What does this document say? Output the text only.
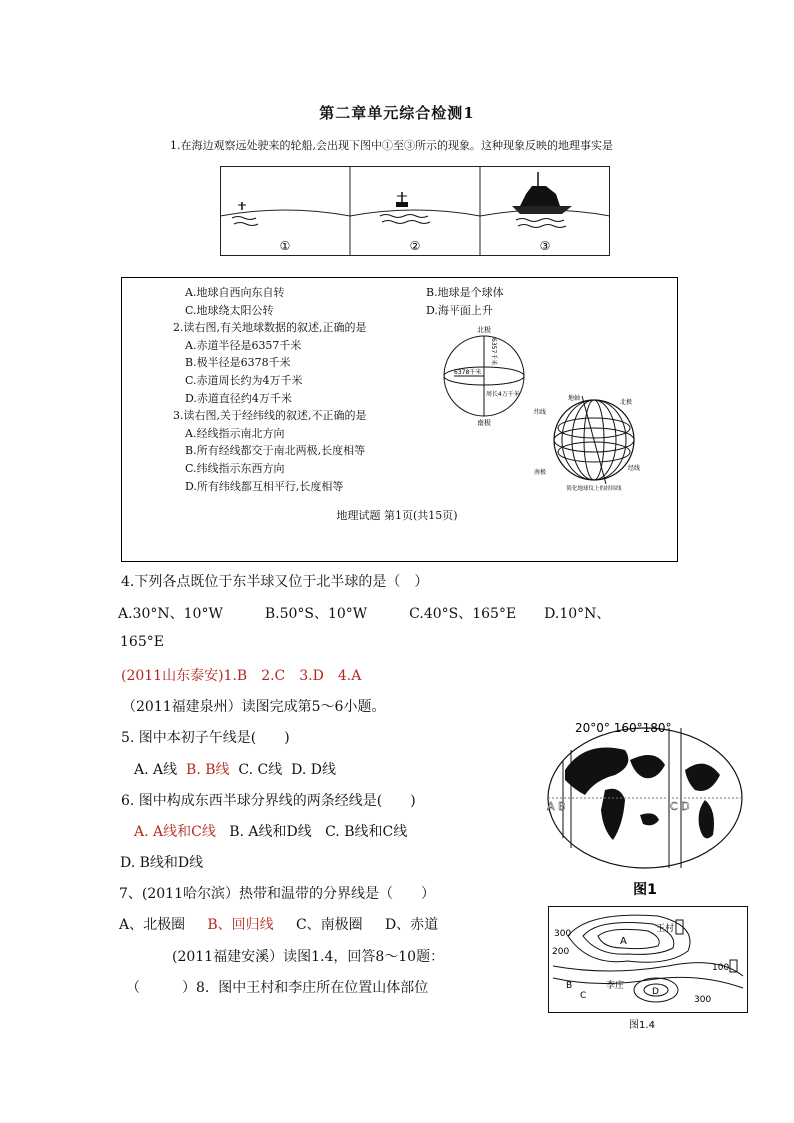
第二章单元综合检测1
1.在海边观察远处驶来的轮船,会出现下图中①至③所示的现象。这种现象反映的地理事实是
①	②	③
A.地球自西向东自转
C.地球绕太阳公转
2.读右图,有关地球数据的叙述,正确的是
A.赤道半径是6357千米
B.极半径是6378千米
C.赤道周长约为4万千米
D.赤道直径约4万千米
3.读右图,关于经纬线的叙述,不正确的是
A.经线指示南北方向
B.所有经线都交于南北两极,长度相等
C.纬线指示东西方向
D.所有纬线都互相平行,长度相等
B.地球是个球体
D.海平面上升
北极
南极
6357千米
6378千米
周长4万千米
地轴
北极
纬线
南极
经线
简化地球仪上的经纬线
地理试题 第1页(共15页)
4.下列各点既位于东半球又位于北半球的是（　）
A.30°N、10°W　　　B.50°S、10°W　　　C.40°S、165°E　　D.10°N、
165°E
(2011山东泰安)1.B　2.C　3.D　4.A
（2011福建泉州）读图完成第5～6小题。
5. 图中本初子午线是(　　)
A. A线 B. B线 C. C线 D. D线
6. 图中构成东西半球分界线的两条经线是(　　)
A. A线和C线 B. A线和D线 C. B线和C线
D. B线和D线
7、(2011哈尔滨）热带和温带的分界线是（　　）
A、北极圈 B、回归线 C、南极圈 D、赤道
(2011福建安溪）读图1.4，回答8～10题：
（　　　）8. 图中王村和李庄所在位置山体部位
20°0° 160°180°
A B	C D
图1
300
200
A
王村
100
B
C
李庄
D
300
图1.4
